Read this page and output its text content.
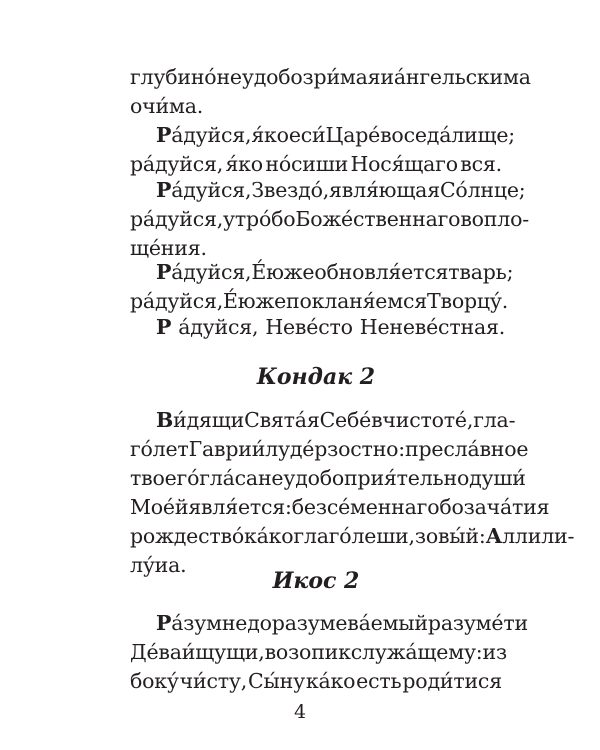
глубино́ неудобозри́мая и а́нгельскима
очи́ма.
Ра́дуйся, я́ко еси́ Царе́во седа́лище;
ра́дуйся, я́ко но́сиши Нося́щаго вся.
Ра́дуйся, Звездо́, явля́ющая Со́лнце;
ра́дуйся, утро́бо Боже́ственнаго вопло-
ще́ния.
Ра́дуйся, Е́юже обновля́ется тварь;
ра́дуйся, Е́юже покланя́емся Творцу́.
Р а́дуйся, Неве́сто Неневе́стная.
Кондак 2
Ви́дящи Свята́я Себе́ в чистоте́, гла-
го́лет Гаврии́лу де́рзостно: пресла́вное
твоего́ гла́са неудобоприя́тельно души́
Мое́й явля́ется: безсе́меннаго бо зача́тия
рождество́ ка́ко глаго́леши, зовы́й: Аллили-
лу́иа.
Икос 2
Ра́зум недоразумева́емый разуме́ти
Де́ва и́щущи, возопи к служа́щему: из
боку́ чи́сту, Сы́ну ка́ко есть роди́тися
4
